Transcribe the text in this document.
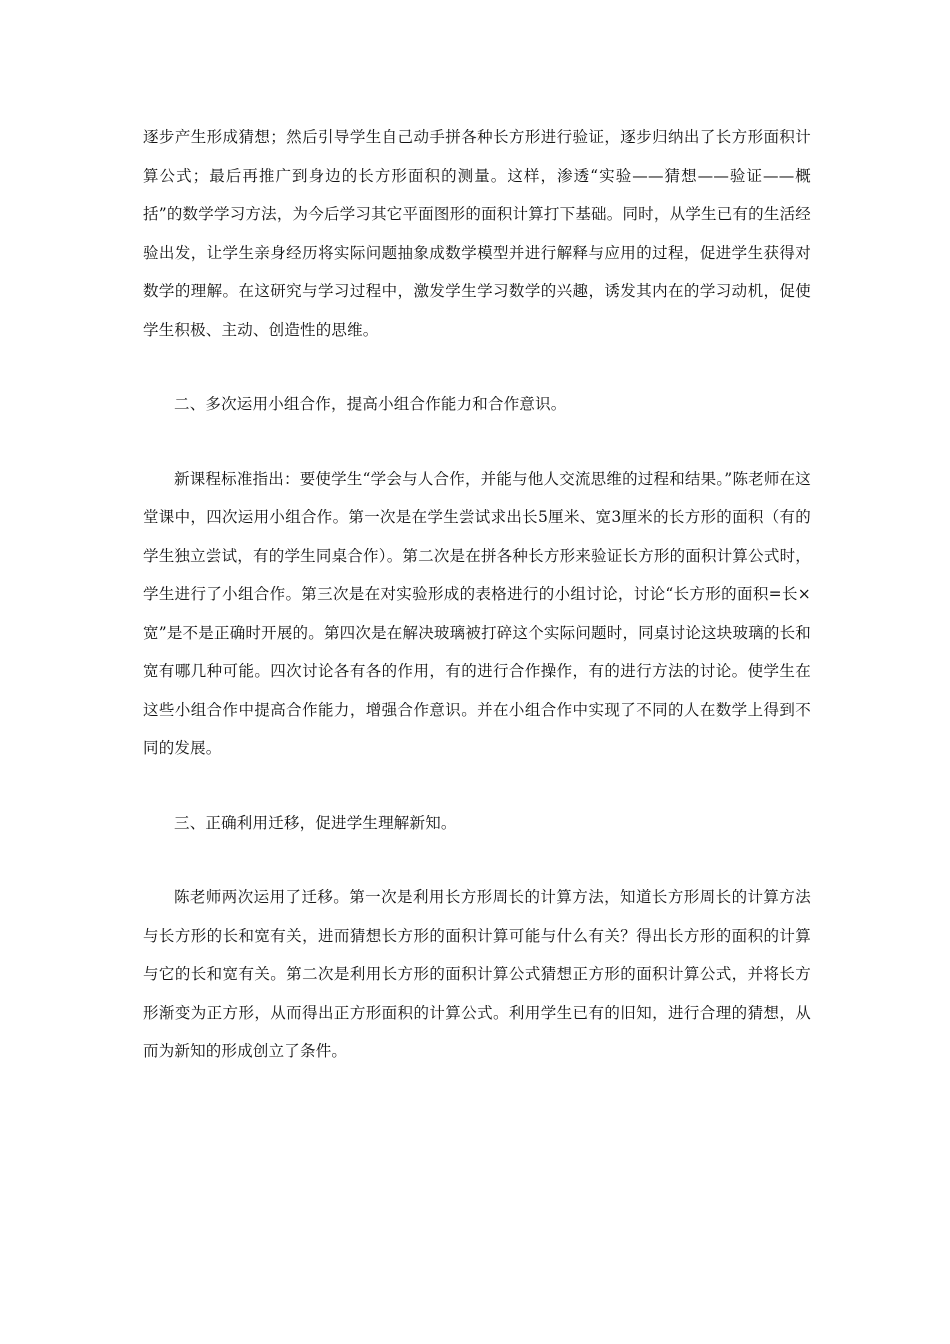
逐步产生形成猜想；然后引导学生自己动手拼各种长方形进行验证，逐步归纳出了长方形面积计算公式；最后再推广到身边的长方形面积的测量。这样，渗透“实验——猜想——验证——概括”的数学学习方法，为今后学习其它平面图形的面积计算打下基础。同时，从学生已有的生活经验出发，让学生亲身经历将实际问题抽象成数学模型并进行解释与应用的过程，促进学生获得对数学的理解。在这研究与学习过程中，激发学生学习数学的兴趣，诱发其内在的学习动机，促使学生积极、主动、创造性的思维。

二、多次运用小组合作，提高小组合作能力和合作意识。

新课程标准指出：要使学生“学会与人合作，并能与他人交流思维的过程和结果。”陈老师在这堂课中，四次运用小组合作。第一次是在学生尝试求出长5厘米、宽3厘米的长方形的面积（有的学生独立尝试，有的学生同桌合作）。第二次是在拼各种长方形来验证长方形的面积计算公式时，学生进行了小组合作。第三次是在对实验形成的表格进行的小组讨论，讨论“长方形的面积=长×宽”是不是正确时开展的。第四次是在解决玻璃被打碎这个实际问题时，同桌讨论这块玻璃的长和宽有哪几种可能。四次讨论各有各的作用，有的进行合作操作，有的进行方法的讨论。使学生在这些小组合作中提高合作能力，增强合作意识。并在小组合作中实现了不同的人在数学上得到不同的发展。

三、正确利用迁移，促进学生理解新知。

陈老师两次运用了迁移。第一次是利用长方形周长的计算方法，知道长方形周长的计算方法与长方形的长和宽有关，进而猜想长方形的面积计算可能与什么有关？得出长方形的面积的计算与它的长和宽有关。第二次是利用长方形的面积计算公式猜想正方形的面积计算公式，并将长方形渐变为正方形，从而得出正方形面积的计算公式。利用学生已有的旧知，进行合理的猜想，从而为新知的形成创立了条件。
